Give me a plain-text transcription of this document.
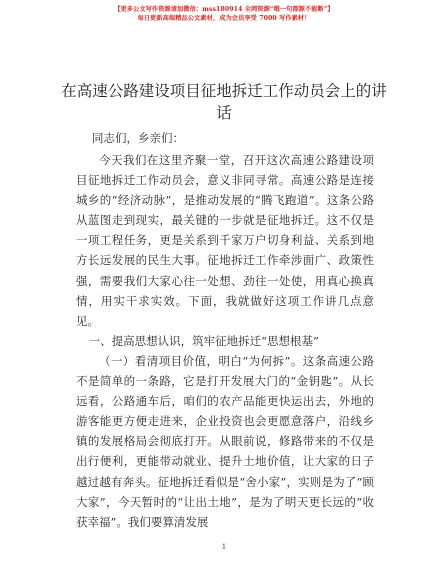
【更多公文写作资源请加微信：mss180914 全网资源“哦一句都源不能断”】
每日更新高端精品公文素材，成为会员享受 7000 写作素材！
在高速公路建设项目征地拆迁工作动员会上的讲话
同志们，乡亲们：

今天我们在这里齐聚一堂，召开这次高速公路建设项目征地拆迁工作动员会，意义非同寻常。高速公路是连接城乡的“经济动脉”，是推动发展的“腾飞跑道”。这条公路从蓝图走到现实，最关键的一步就是征地拆迁。这不仅是一项工程任务，更是关系到千家万户切身利益、关系到地方长远发展的民生大事。征地拆迁工作牵涉面广、政策性强，需要我们大家心往一处想、劲往一处使，用真心换真情，用实干求实效。下面，我就做好这项工作讲几点意见。

一、提高思想认识，筑牢征地拆迁“思想根基”

（一）看清项目价值，明白“为何拆”。这条高速公路不是简单的一条路，它是打开发展大门的“金钥匙”。从长远看，公路通车后，咱们的农产品能更快运出去，外地的游客能更方便走进来，企业投资也会更愿意落户，沿线乡镇的发展格局会彻底打开。从眼前说，修路带来的不仅是出行便利，更能带动就业、提升土地价值，让大家的日子越过越有奔头。征地拆迁看似是“舍小家”，实则是为了“顾大家”，今天暂时的“让出土地”，是为了明天更长远的“收获幸福”。我们要算清发展

1
